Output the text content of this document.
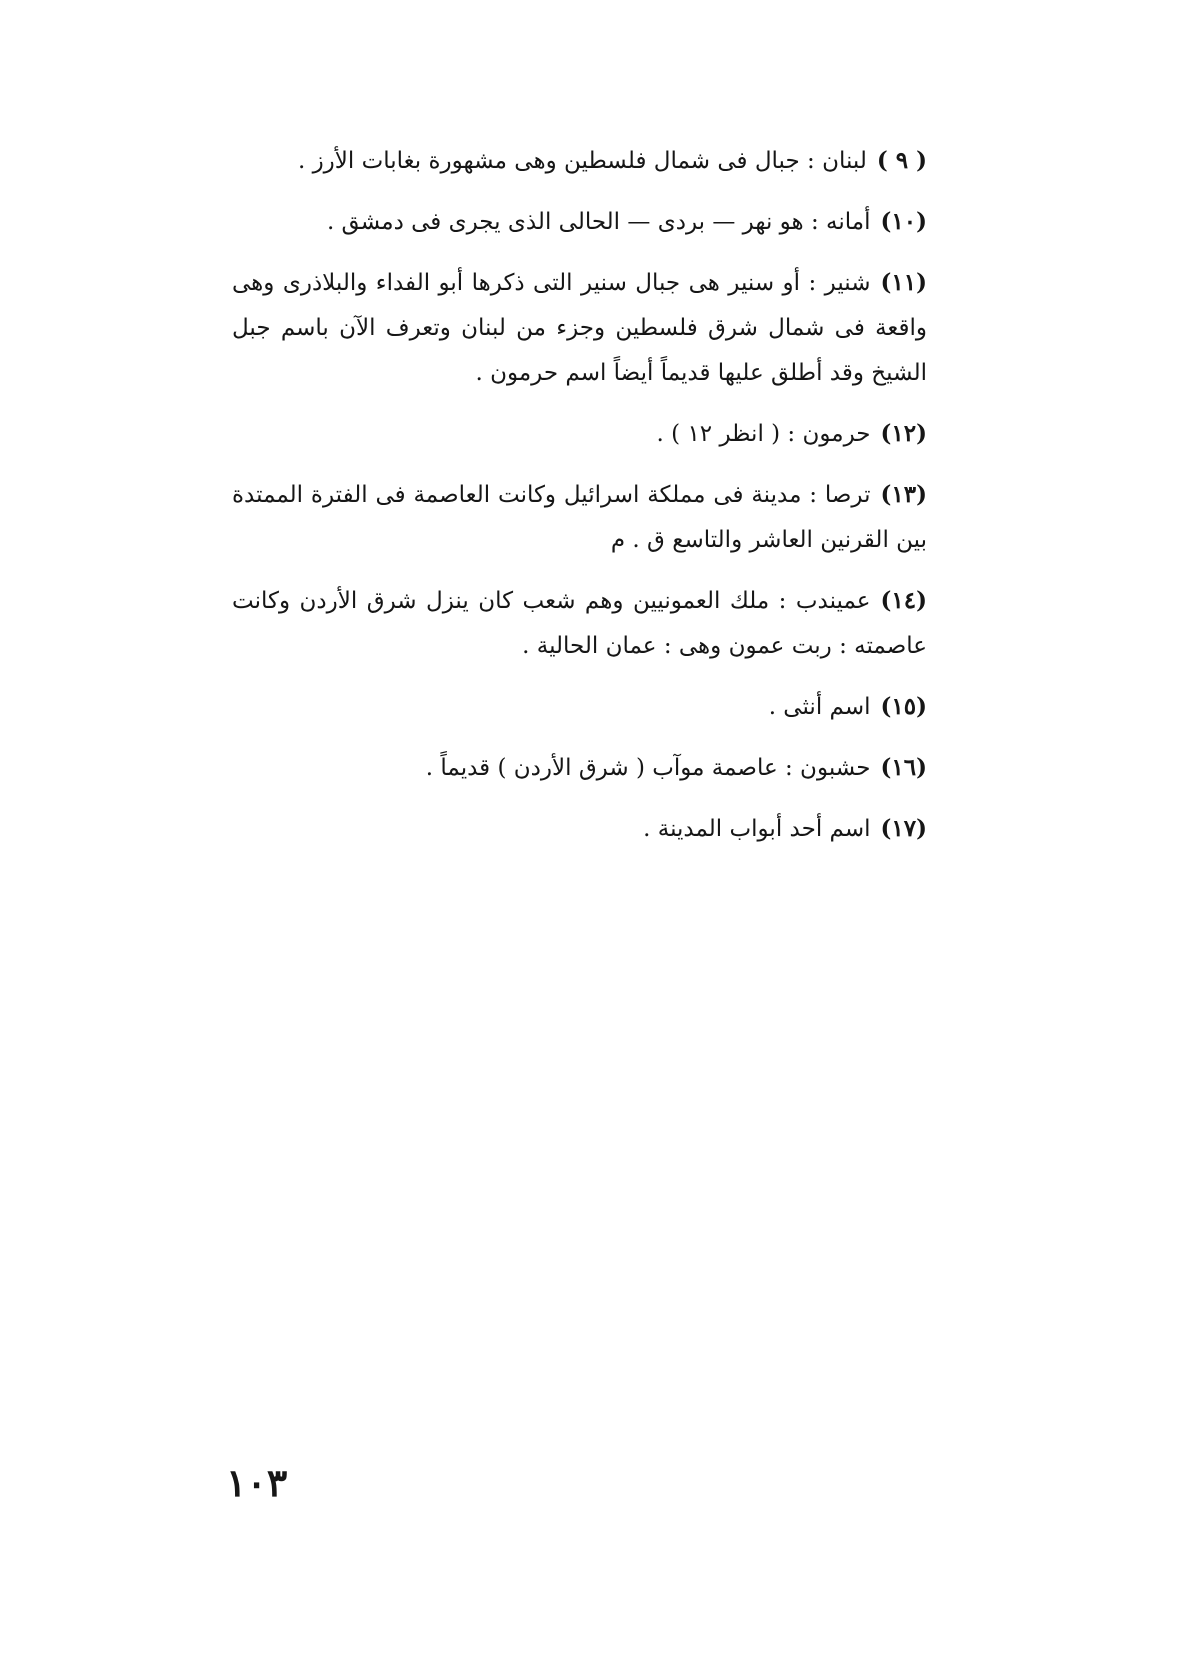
( ٩ )لبنان : جبال فى شمال فلسطين وهى مشهورة بغابات الأرز .

(١٠)أمانه : هو نهر — بردى — الحالى الذى يجرى فى دمشق .

(١١)شنير : أو سنير هى جبال سنير التى ذكرها أبو الفداء والبلاذرى وهى واقعة فى شمال شرق فلسطين وجزء من لبنان وتعرف الآن باسم جبل الشيخ وقد أطلق عليها قديماً أيضاً اسم حرمون .

(١٢)حرمون : ( انظر ١٢ ) .

(١٣)ترصا : مدينة فى مملكة اسرائيل وكانت العاصمة فى الفترة الممتدة بين القرنين العاشر والتاسع ق . م

(١٤)عميندب : ملك العمونيين وهم شعب كان ينزل شرق الأردن وكانت عاصمته : ربت عمون وهى : عمان الحالية .

(١٥)اسم أنثى .

(١٦)حشبون : عاصمة موآب ( شرق الأردن ) قديماً .

(١٧)اسم أحد أبواب المدينة .

١٠٣
